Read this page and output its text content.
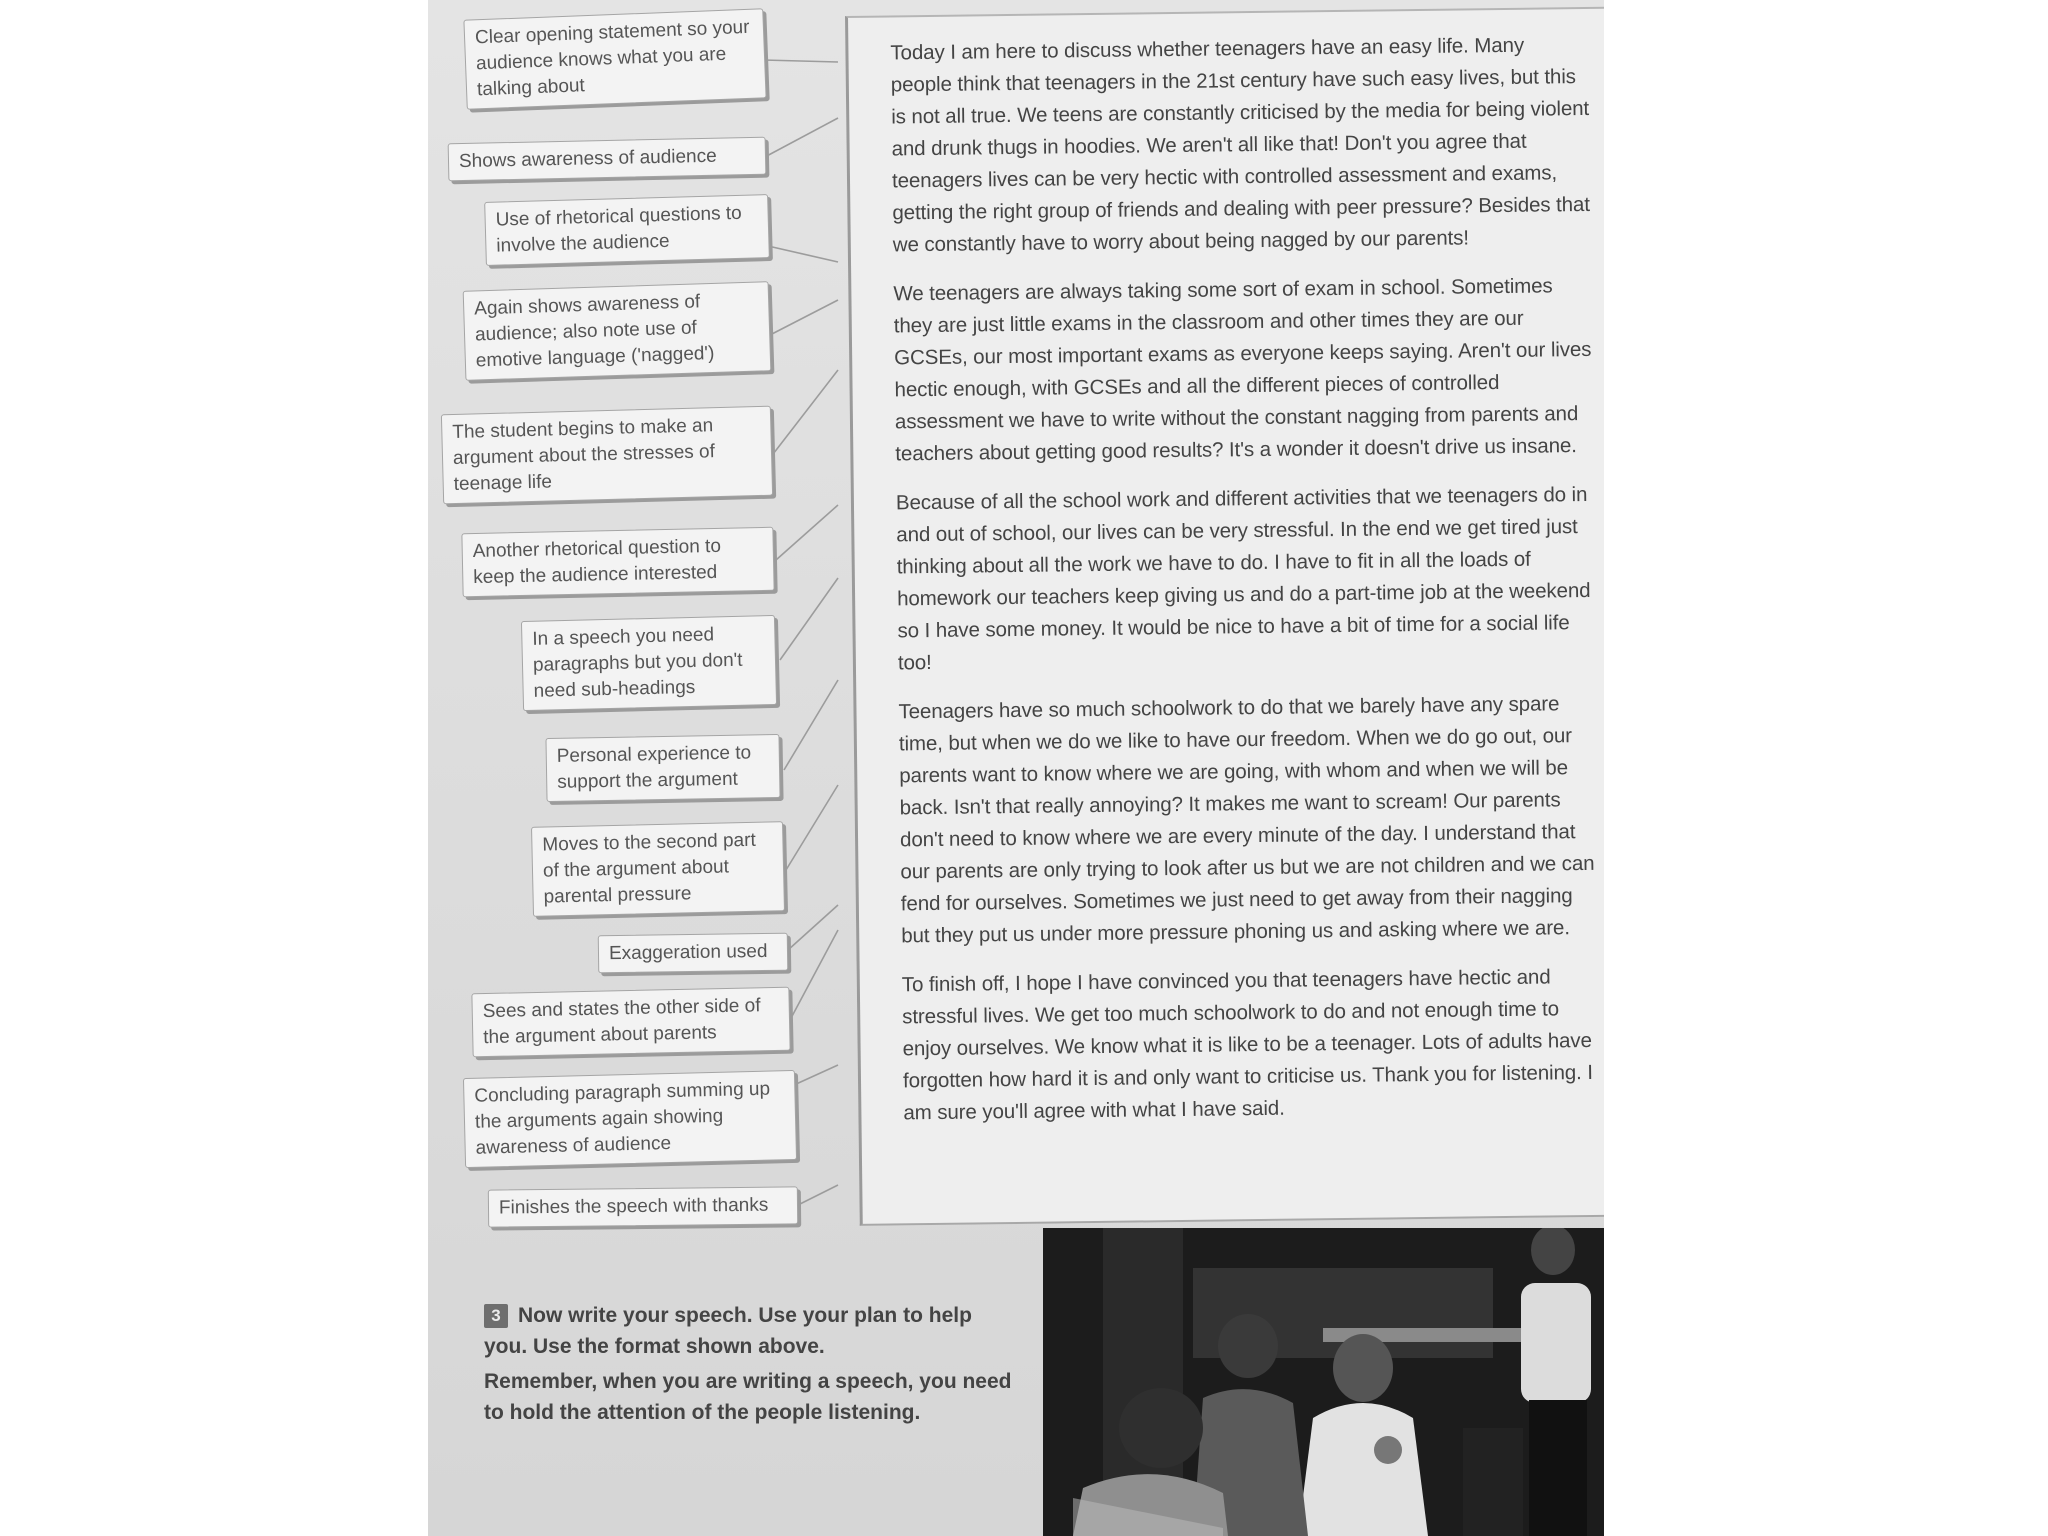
Clear opening statement so your audience knows what you are talking about
Shows awareness of audience
Use of rhetorical questions to involve the audience
Again shows awareness of audience; also note use of emotive language ('nagged')
The student begins to make an argument about the stresses of teenage life
Another rhetorical question to keep the audience interested
In a speech you need paragraphs but you don't need sub-headings
Personal experience to support the argument
Moves to the second part of the argument about parental pressure
Exaggeration used
Sees and states the other side of the argument about parents
Concluding paragraph summing up the arguments again showing awareness of audience
Finishes the speech with thanks

Today I am here to discuss whether teenagers have an easy life. Many people think that teenagers in the 21st century have such easy lives, but this is not all true. We teens are constantly criticised by the media for being violent and drunk thugs in hoodies. We aren't all like that! Don't you agree that teenagers lives can be very hectic with controlled assessment and exams, getting the right group of friends and dealing with peer pressure? Besides that we constantly have to worry about being nagged by our parents!

We teenagers are always taking some sort of exam in school. Sometimes they are just little exams in the classroom and other times they are our GCSEs, our most important exams as everyone keeps saying. Aren't our lives hectic enough, with GCSEs and all the different pieces of controlled assessment we have to write without the constant nagging from parents and teachers about getting good results? It's a wonder it doesn't drive us insane.

Because of all the school work and different activities that we teenagers do in and out of school, our lives can be very stressful. In the end we get tired just thinking about all the work we have to do. I have to fit in all the loads of homework our teachers keep giving us and do a part-time job at the weekend so I have some money. It would be nice to have a bit of time for a social life too!

Teenagers have so much schoolwork to do that we barely have any spare time, but when we do we like to have our freedom. When we do go out, our parents want to know where we are going, with whom and when we will be back. Isn't that really annoying? It makes me want to scream! Our parents don't need to know where we are every minute of the day. I understand that our parents are only trying to look after us but we are not children and we can fend for ourselves. Sometimes we just need to get away from their nagging but they put us under more pressure phoning us and asking where we are.

To finish off, I hope I have convinced you that teenagers have hectic and stressful lives. We get too much schoolwork to do and not enough time to enjoy ourselves. We know what it is like to be a teenager. Lots of adults have forgotten how hard it is and only want to criticise us. Thank you for listening. I am sure you'll agree with what I have said.

3 Now write your speech. Use your plan to help you. Use the format shown above.

Remember, when you are writing a speech, you need to hold the attention of the people listening.
